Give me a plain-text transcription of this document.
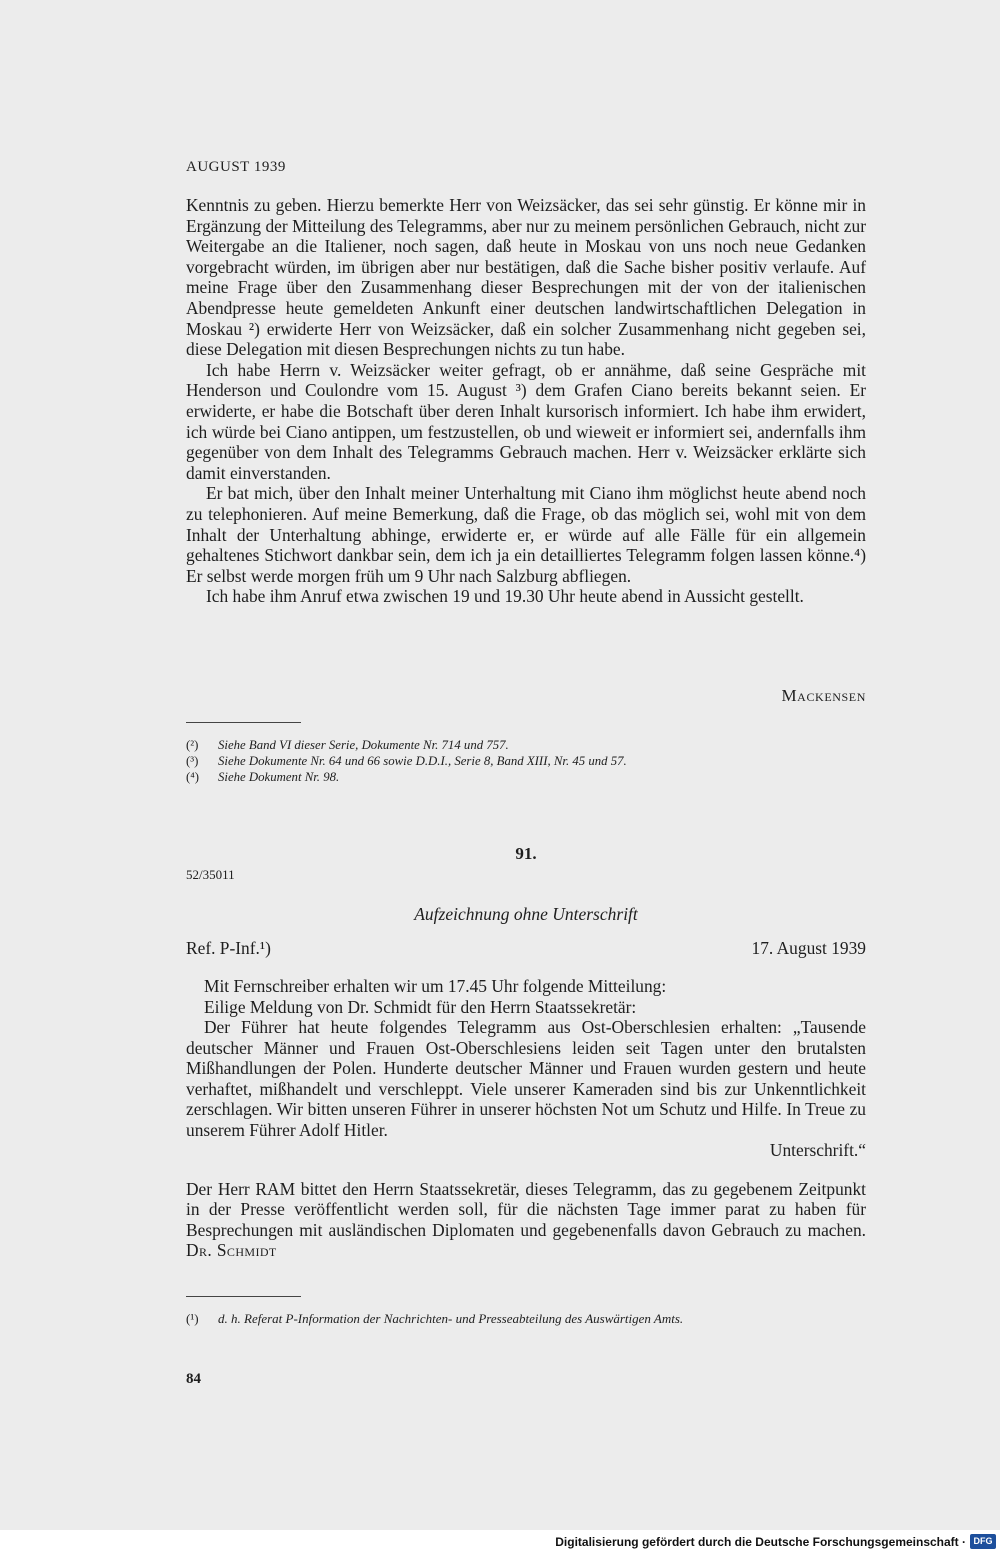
AUGUST 1939

Kenntnis zu geben. Hierzu bemerkte Herr von Weizsäcker, das sei sehr günstig. Er könne mir in Ergänzung der Mitteilung des Telegramms, aber nur zu meinem persönlichen Gebrauch, nicht zur Weitergabe an die Italiener, noch sagen, daß heute in Moskau von uns noch neue Gedanken vorgebracht würden, im übrigen aber nur bestätigen, daß die Sache bisher positiv verlaufe. Auf meine Frage über den Zusammenhang dieser Besprechungen mit der von der italienischen Abendpresse heute gemeldeten Ankunft einer deutschen landwirtschaftlichen Delegation in Moskau ²) erwiderte Herr von Weizsäcker, daß ein solcher Zusammenhang nicht gegeben sei, diese Delegation mit diesen Besprechungen nichts zu tun habe.

Ich habe Herrn v. Weizsäcker weiter gefragt, ob er annähme, daß seine Gespräche mit Henderson und Coulondre vom 15. August ³) dem Grafen Ciano bereits bekannt seien. Er erwiderte, er habe die Botschaft über deren Inhalt kursorisch informiert. Ich habe ihm erwidert, ich würde bei Ciano antippen, um festzustellen, ob und wieweit er informiert sei, andernfalls ihm gegenüber von dem Inhalt des Telegramms Gebrauch machen. Herr v. Weizsäcker erklärte sich damit einverstanden.

Er bat mich, über den Inhalt meiner Unterhaltung mit Ciano ihm möglichst heute abend noch zu telephonieren. Auf meine Bemerkung, daß die Frage, ob das möglich sei, wohl mit von dem Inhalt der Unterhaltung abhinge, erwiderte er, er würde auf alle Fälle für ein allgemein gehaltenes Stichwort dankbar sein, dem ich ja ein detailliertes Telegramm folgen lassen könne.⁴) Er selbst werde morgen früh um 9 Uhr nach Salzburg abfliegen.

Ich habe ihm Anruf etwa zwischen 19 und 19.30 Uhr heute abend in Aussicht gestellt.

Mackensen
(²)	Siehe Band VI dieser Serie, Dokumente Nr. 714 und 757.
(³)	Siehe Dokumente Nr. 64 und 66 sowie D.D.I., Serie 8, Band XIII, Nr. 45 und 57.
(⁴)	Siehe Dokument Nr. 98.
91.
52/35011
Aufzeichnung ohne Unterschrift
Ref. P-Inf.¹)	17. August 1939

Mit Fernschreiber erhalten wir um 17.45 Uhr folgende Mitteilung:

Eilige Meldung von Dr. Schmidt für den Herrn Staatssekretär:

Der Führer hat heute folgendes Telegramm aus Ost-Oberschlesien erhalten: „Tausende deutscher Männer und Frauen Ost-Oberschlesiens leiden seit Tagen unter den brutalsten Mißhandlungen der Polen. Hunderte deutscher Männer und Frauen wurden gestern und heute verhaftet, mißhandelt und verschleppt. Viele unserer Kameraden sind bis zur Unkenntlichkeit zerschlagen. Wir bitten unseren Führer in unserer höchsten Not um Schutz und Hilfe. In Treue zu unserem Führer Adolf Hitler.

Unterschrift.“

Der Herr RAM bittet den Herrn Staatssekretär, dieses Telegramm, das zu gegebenem Zeitpunkt in der Presse veröffentlicht werden soll, für die nächsten Tage immer parat zu haben für Besprechungen mit ausländischen Diplomaten und gegebenenfalls davon Gebrauch zu machen. Dr. Schmidt

(¹)	d. h. Referat P-Information der Nachrichten- und Presseabteilung des Auswärtigen Amts.
84
Digitalisierung gefördert durch die Deutsche Forschungsgemeinschaft · DFG
